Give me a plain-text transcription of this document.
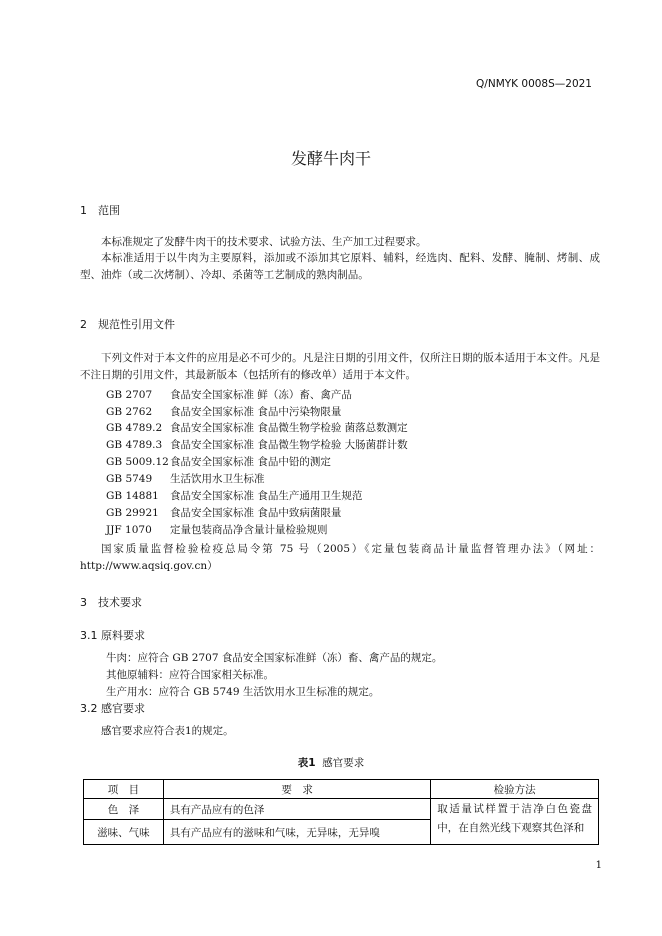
Q/NMYK 0008S—2021
发酵牛肉干
1　范围
本标准规定了发酵牛肉干的技术要求、试验方法、生产加工过程要求。
本标准适用于以牛肉为主要原料，添加或不添加其它原料、辅料，经选肉、配料、发酵、腌制、烤制、成型、油炸（或二次烤制）、冷却、杀菌等工艺制成的熟肉制品。
2　规范性引用文件
下列文件对于本文件的应用是必不可少的。凡是注日期的引用文件，仅所注日期的版本适用于本文件。凡是不注日期的引用文件，其最新版本（包括所有的修改单）适用于本文件。
GB 2707 食品安全国家标准 鲜（冻）畜、禽产品
GB 2762 食品安全国家标准 食品中污染物限量
GB 4789.2 食品安全国家标准 食品微生物学检验 菌落总数测定
GB 4789.3 食品安全国家标准 食品微生物学检验 大肠菌群计数
GB 5009.12食品安全国家标准 食品中铅的测定
GB 5749 生活饮用水卫生标准
GB 14881 食品安全国家标准 食品生产通用卫生规范
GB 29921 食品安全国家标准 食品中致病菌限量
JJF 1070 定量包装商品净含量计量检验规则
国家质量监督检验检疫总局令第 75 号（2005）《定量包装商品计量监督管理办法》（网址：http://www.aqsiq.gov.cn）
3　技术要求
3.1 原料要求
牛肉：应符合 GB 2707 食品安全国家标准鲜（冻）畜、禽产品的规定。
其他原辅料：应符合国家相关标准。
生产用水：应符合 GB 5749 生活饮用水卫生标准的规定。
3.2 感官要求
感官要求应符合表1的规定。
表1 感官要求
项　目	要　求	检验方法
色　泽	具有产品应有的色泽	取适量试样置于洁净白色瓷盘中，在自然光线下观察其色泽和
滋味、气味	具有产品应有的滋味和气味，无异味，无异嗅	
1
